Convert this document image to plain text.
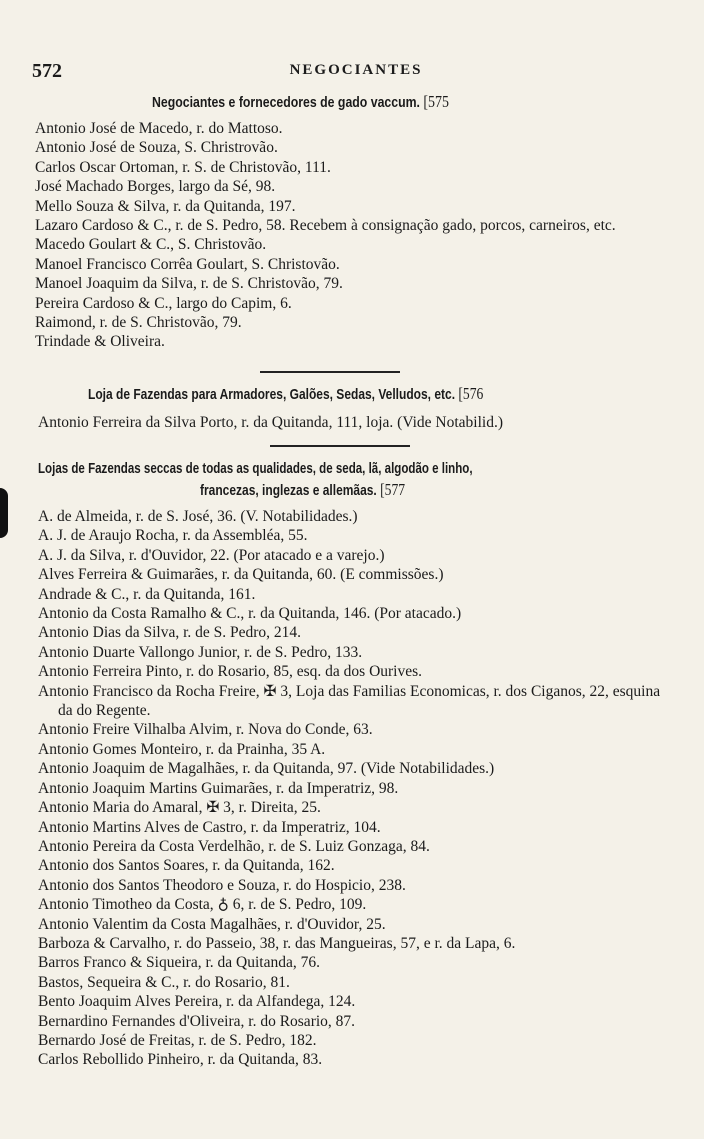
572	NEGOCIANTES
Negociantes e fornecedores de gado vaccum. [575
Antonio José de Macedo, r. do Mattoso.
Antonio José de Souza, S. Christrovão.
Carlos Oscar Ortoman, r. S. de Christovão, 111.
José Machado Borges, largo da Sé, 98.
Mello Souza & Silva, r. da Quitanda, 197.
Lazaro Cardoso & C., r. de S. Pedro, 58. Recebem à consignação gado, porcos, carneiros, etc.
Macedo Goulart & C., S. Christovão.
Manoel Francisco Corrêa Goulart, S. Christovão.
Manoel Joaquim da Silva, r. de S. Christovão, 79.
Pereira Cardoso & C., largo do Capim, 6.
Raimond, r. de S. Christovão, 79.
Trindade & Oliveira.
Loja de Fazendas para Armadores, Galões, Sedas, Velludos, etc. [576
Antonio Ferreira da Silva Porto, r. da Quitanda, 111, loja. (Vide Notabilid.)
Lojas de Fazendas seccas de todas as qualidades, de seda, lã, algodão e linho,
francezas, inglezas e allemãas. [577
A. de Almeida, r. de S. José, 36. (V. Notabilidades.)
A. J. de Araujo Rocha, r. da Assembléa, 55.
A. J. da Silva, r. d'Ouvidor, 22. (Por atacado e a varejo.)
Alves Ferreira & Guimarães, r. da Quitanda, 60. (E commissões.)
Andrade & C., r. da Quitanda, 161.
Antonio da Costa Ramalho & C., r. da Quitanda, 146. (Por atacado.)
Antonio Dias da Silva, r. de S. Pedro, 214.
Antonio Duarte Vallongo Junior, r. de S. Pedro, 133.
Antonio Ferreira Pinto, r. do Rosario, 85, esq. da dos Ourives.
Antonio Francisco da Rocha Freire, ✠ 3, Loja das Familias Economicas, r. dos Ciganos, 22, esquina da do Regente.
Antonio Freire Vilhalba Alvim, r. Nova do Conde, 63.
Antonio Gomes Monteiro, r. da Prainha, 35 A.
Antonio Joaquim de Magalhães, r. da Quitanda, 97. (Vide Notabilidades.)
Antonio Joaquim Martins Guimarães, r. da Imperatriz, 98.
Antonio Maria do Amaral, ✠ 3, r. Direita, 25.
Antonio Martins Alves de Castro, r. da Imperatriz, 104.
Antonio Pereira da Costa Verdelhão, r. de S. Luiz Gonzaga, 84.
Antonio dos Santos Soares, r. da Quitanda, 162.
Antonio dos Santos Theodoro e Souza, r. do Hospicio, 238.
Antonio Timotheo da Costa, ♁ 6, r. de S. Pedro, 109.
Antonio Valentim da Costa Magalhães, r. d'Ouvidor, 25.
Barboza & Carvalho, r. do Passeio, 38, r. das Mangueiras, 57, e r. da Lapa, 6.
Barros Franco & Siqueira, r. da Quitanda, 76.
Bastos, Sequeira & C., r. do Rosario, 81.
Bento Joaquim Alves Pereira, r. da Alfandega, 124.
Bernardino Fernandes d'Oliveira, r. do Rosario, 87.
Bernardo José de Freitas, r. de S. Pedro, 182.
Carlos Rebollido Pinheiro, r. da Quitanda, 83.
